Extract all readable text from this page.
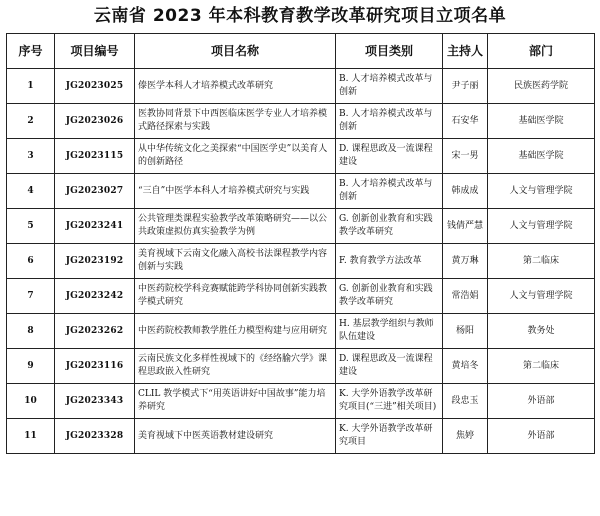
云南省 2023 年本科教育教学改革研究项目立项名单
序号	项目编号	项目名称	项目类别	主持人	部门
1	JG2023025	傣医学本科人才培养模式改革研究	B. 人才培养模式改革与创新	尹子丽	民族医药学院
2	JG2023026	医教协同背景下中西医临床医学专业人才培养模式路径探索与实践	B. 人才培养模式改革与创新	石安华	基础医学院
3	JG2023115	从中华传统文化之美探索“中国医学史”以美育人的创新路径	D. 课程思政及一流课程建设	宋一男	基础医学院
4	JG2023027	“三自”中医学本科人才培养模式研究与实践	B. 人才培养模式改革与创新	韩成成	人文与管理学院
5	JG2023241	公共管理类课程实验教学改革策略研究——以公共政策虚拟仿真实验教学为例	G. 创新创业教育和实践教学改革研究	钱倩严慧	人文与管理学院
6	JG2023192	美育视域下云南文化融入高校书法课程教学内容创新与实践	F. 教育教学方法改革	黄万琳	第二临床
7	JG2023242	中医药院校学科竞赛赋能跨学科协同创新实践教学模式研究	G. 创新创业教育和实践教学改革研究	常浩娟	人文与管理学院
8	JG2023262	中医药院校教师教学胜任力模型构建与应用研究	H. 基层教学组织与教师队伍建设	杨阳	教务处
9	JG2023116	云南民族文化多样性视域下的《经络腧穴学》课程思政嵌入性研究	D. 课程思政及一流课程建设	黄培冬	第二临床
10	JG2023343	CLIL 教学模式下“用英语讲好中国故事”能力培养研究	K. 大学外语教学改革研究项目(“三进”相关项目)	段忠玉	外语部
11	JG2023328	美育视域下中医英语教材建设研究	K. 大学外语教学改革研究项目	焦婷	外语部
